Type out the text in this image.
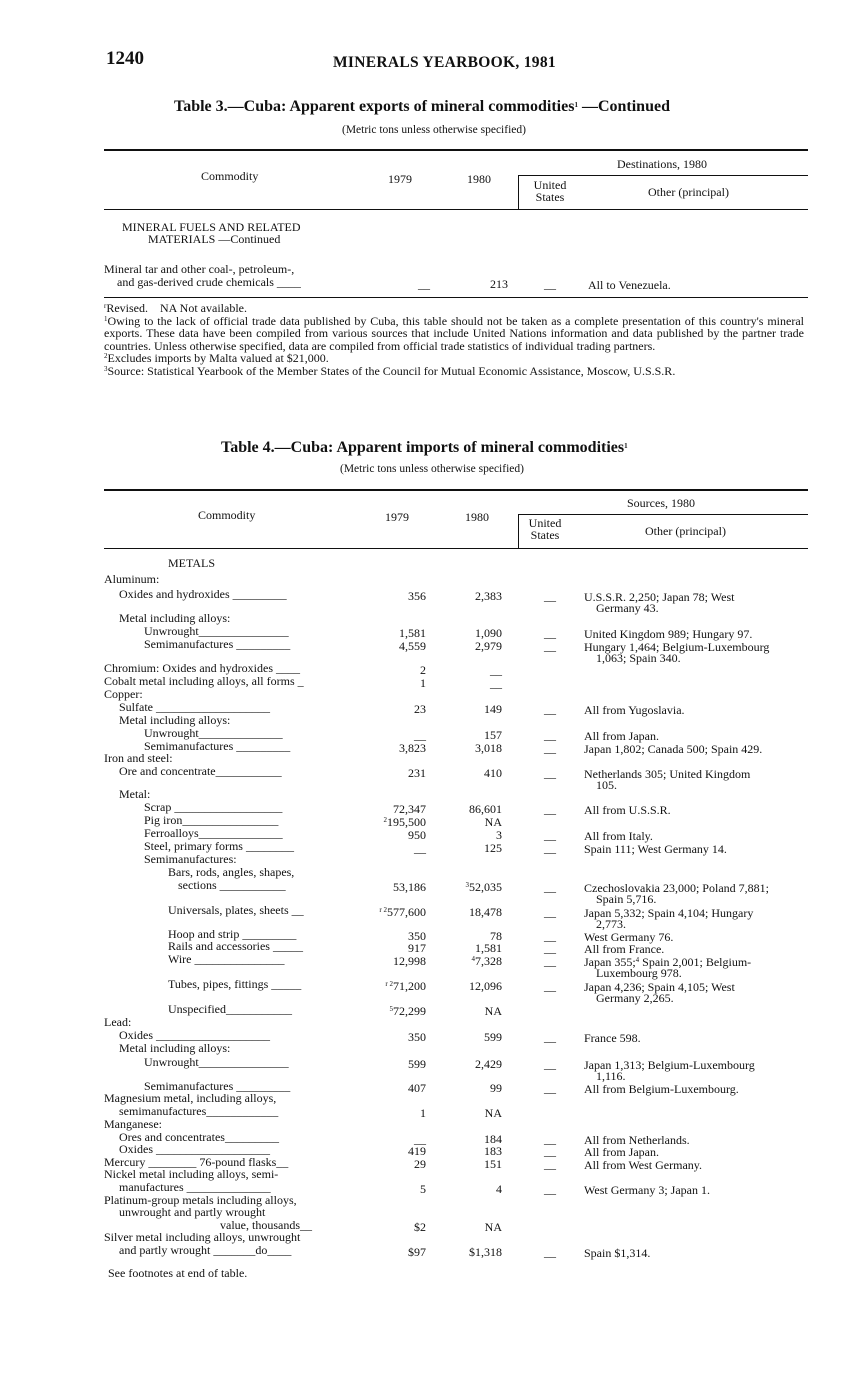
1240	MINERALS YEARBOOK, 1981
Table 3.—Cuba: Apparent exports of mineral commodities$^1$ —Continued
(Metric tons unless otherwise specified)
Destinations, 1980
Commodity	1979	1980	United
States	Other (principal)
MINERAL FUELS AND RELATED
MATERIALS —Continued
Mineral tar and other coal-, petroleum-,
and gas-derived crude chemicals ____	__	213	__	All to Venezuela.
$^r$Revised. NA Not available.
$^1$Owing to the lack of official trade data published by Cuba, this table should not be taken as a complete presentation of this country's mineral exports. These data have been compiled from various sources that include United Nations information and data published by the partner trade countries. Unless otherwise specified, data are compiled from official trade statistics of individual trading partners.
$^2$Excludes imports by Malta valued at $21,000.
$^3$Source: Statistical Yearbook of the Member States of the Council for Mutual Economic Assistance, Moscow, U.S.S.R.
Table 4.—Cuba: Apparent imports of mineral commodities$^1$
(Metric tons unless otherwise specified)
Sources, 1980
Commodity	1979	1980	United
States	Other (principal)
METALS
Aluminum:
Oxides and hydroxides _________	356	2,383	__	U.S.S.R. 2,250; Japan 78; West
Germany 43.
Metal including alloys:
Unwrought_______________	1,581	1,090	__	United Kingdom 989; Hungary 97.
Semimanufactures _________	4,559	2,979	__	Hungary 1,464; Belgium-Luxembourg
1,063; Spain 340.
Chromium: Oxides and hydroxides ____	2	__
Cobalt metal including alloys, all forms _	1	__
Copper:
Sulfate ___________________	23	149	__	All from Yugoslavia.
Metal including alloys:
Unwrought______________	__	157	__	All from Japan.
Semimanufactures _________	3,823	3,018	__	Japan 1,802; Canada 500; Spain 429.
Iron and steel:
Ore and concentrate___________	231	410	__	Netherlands 305; United Kingdom
105.
Metal:
Scrap __________________	72,347	86,601	__	All from U.S.S.R.
Pig iron________________	$^2$195,500	NA
Ferroalloys______________	950	3	__	All from Italy.
Steel, primary forms ________	__	125	__	Spain 111; West Germany 14.
Semimanufactures:
Bars, rods, angles, shapes,
sections ___________	53,186	$^3$52,035	__	Czechoslovakia 23,000; Poland 7,881;
Spain 5,716.
Universals, plates, sheets __	$^{r 2}$577,600	18,478	__	Japan 5,332; Spain 4,104; Hungary
2,773.
Hoop and strip _________	350	78	__	West Germany 76.
Rails and accessories _____	917	1,581	__	All from France.
Wire _______________	12,998	$^4$7,328	__	Japan 355;$^4$ Spain 2,001; Belgium-
Luxembourg 978.
Tubes, pipes, fittings _____	$^{r 2}$71,200	12,096	__	Japan 4,236; Spain 4,105; West
Germany 2,265.
Unspecified___________	$^5$72,299	NA
Lead:
Oxides ___________________	350	599	__	France 598.
Metal including alloys:
Unwrought_______________	599	2,429	__	Japan 1,313; Belgium-Luxembourg
1,116.
Semimanufactures _________	407	99	__	All from Belgium-Luxembourg.
Magnesium metal, including alloys,
semimanufactures____________	1	NA
Manganese:
Ores and concentrates_________	__	184	__	All from Netherlands.
Oxides ___________________	419	183	__	All from Japan.
Mercury ________ 76-pound flasks__	29	151	__	All from West Germany.
Nickel metal including alloys, semi-
manufactures ______________	5	4	__	West Germany 3; Japan 1.
Platinum-group metals including alloys,
unwrought and partly wrought
value, thousands__	$2	NA
Silver metal including alloys, unwrought
and partly wrought _______do____	$97	$1,318	__	Spain $1,314.
See footnotes at end of table.
